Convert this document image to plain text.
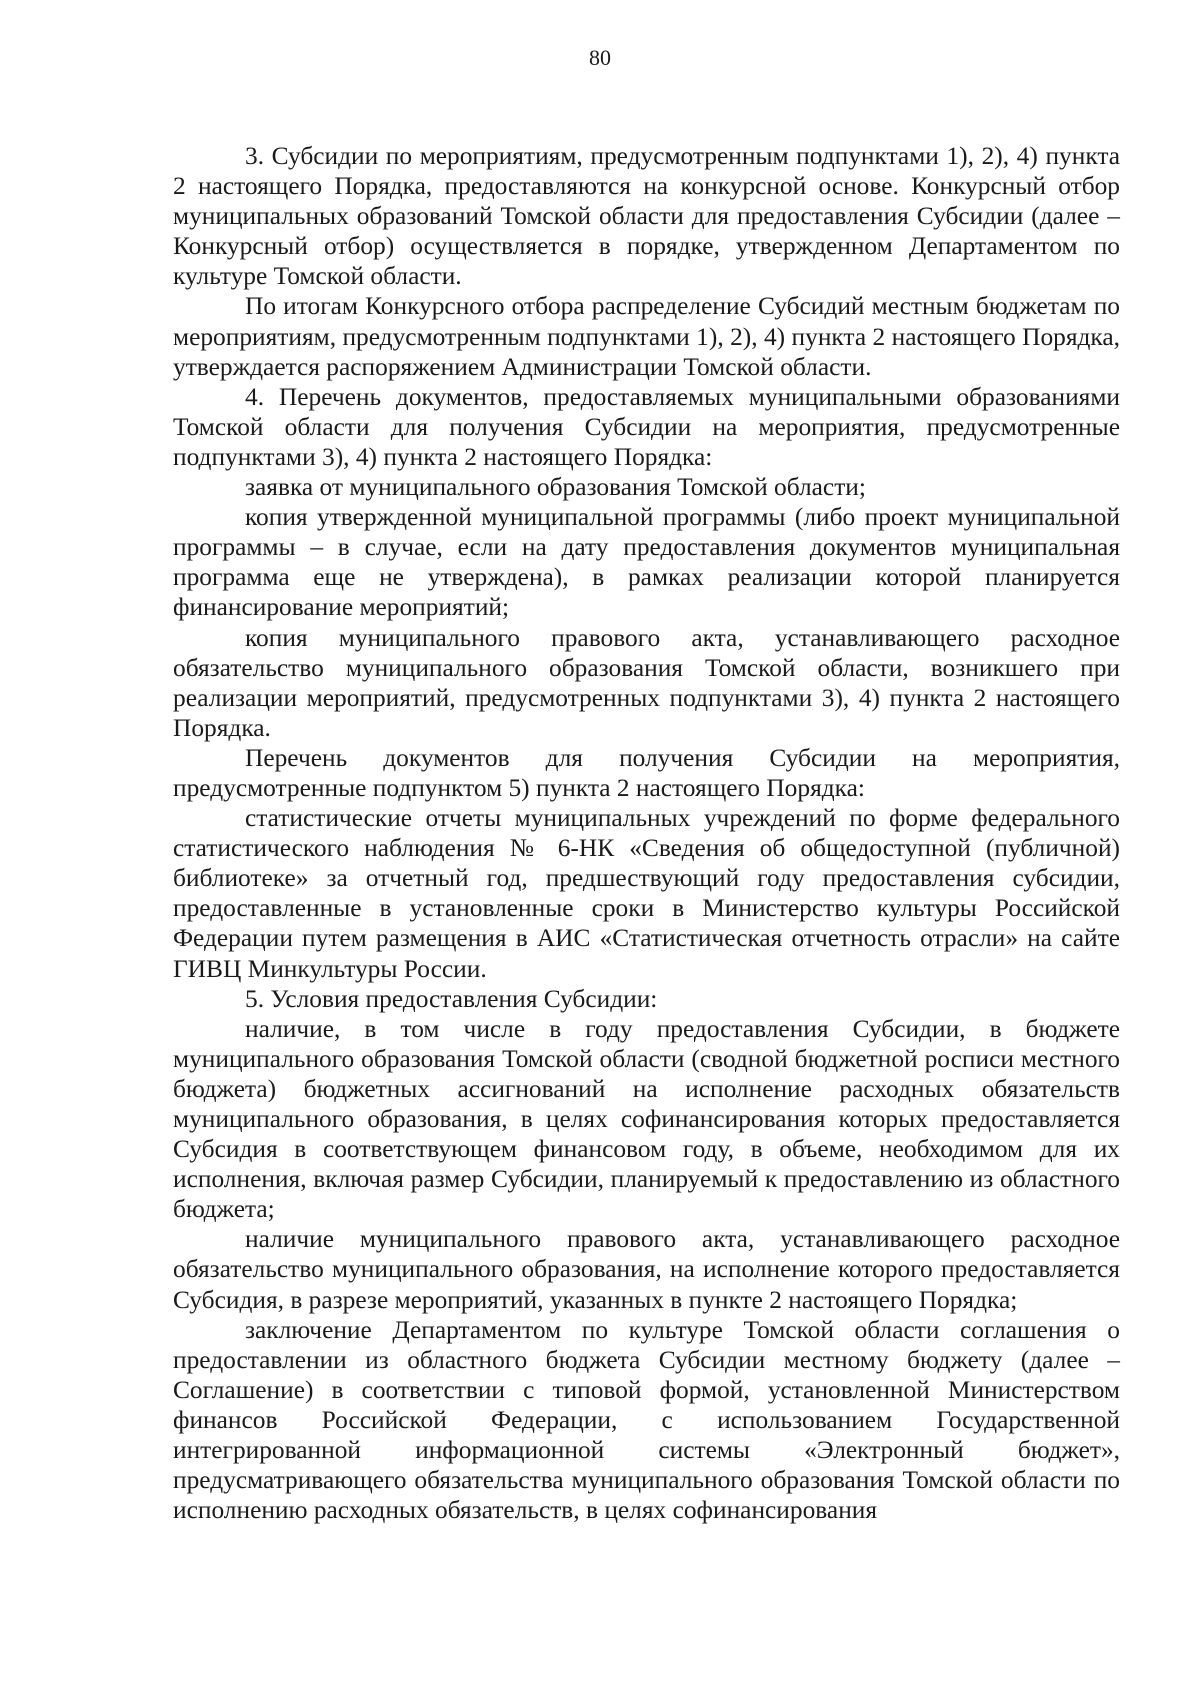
80

3. Субсидии по мероприятиям, предусмотренным подпунктами 1), 2), 4) пункта 2 настоящего Порядка, предоставляются на конкурсной основе. Конкурсный отбор муниципальных образований Томской области для предоставления Субсидии (далее – Конкурсный отбор) осуществляется в порядке, утвержденном Департаментом по культуре Томской области.

По итогам Конкурсного отбора распределение Субсидий местным бюджетам по мероприятиям, предусмотренным подпунктами 1), 2), 4) пункта 2 настоящего Порядка, утверждается распоряжением Администрации Томской области.

4. Перечень документов, предоставляемых муниципальными образованиями Томской области для получения Субсидии на мероприятия, предусмотренные подпунктами 3), 4) пункта 2 настоящего Порядка:

заявка от муниципального образования Томской области;

копия утвержденной муниципальной программы (либо проект муниципальной программы – в случае, если на дату предоставления документов муниципальная программа еще не утверждена), в рамках реализации которой планируется финансирование мероприятий;

копия муниципального правового акта, устанавливающего расходное обязательство муниципального образования Томской области, возникшего при реализации мероприятий, предусмотренных подпунктами 3), 4) пункта 2 настоящего Порядка.

Перечень документов для получения Субсидии на мероприятия, предусмотренные подпунктом 5) пункта 2 настоящего Порядка:

статистические отчеты муниципальных учреждений по форме федерального статистического наблюдения № 6-НК «Сведения об общедоступной (публичной) библиотеке» за отчетный год, предшествующий году предоставления субсидии, предоставленные в установленные сроки в Министерство культуры Российской Федерации путем размещения в АИС «Статистическая отчетность отрасли» на сайте ГИВЦ Минкультуры России.

5. Условия предоставления Субсидии:

наличие, в том числе в году предоставления Субсидии, в бюджете муниципального образования Томской области (сводной бюджетной росписи местного бюджета) бюджетных ассигнований на исполнение расходных обязательств муниципального образования, в целях софинансирования которых предоставляется Субсидия в соответствующем финансовом году, в объеме, необходимом для их исполнения, включая размер Субсидии, планируемый к предоставлению из областного бюджета;

наличие муниципального правового акта, устанавливающего расходное обязательство муниципального образования, на исполнение которого предоставляется Субсидия, в разрезе мероприятий, указанных в пункте 2 настоящего Порядка;

заключение Департаментом по культуре Томской области соглашения о предоставлении из областного бюджета Субсидии местному бюджету (далее – Соглашение) в соответствии с типовой формой, установленной Министерством финансов Российской Федерации, с использованием Государственной интегрированной информационной системы «Электронный бюджет», предусматривающего обязательства муниципального образования Томской области по исполнению расходных обязательств, в целях софинансирования
